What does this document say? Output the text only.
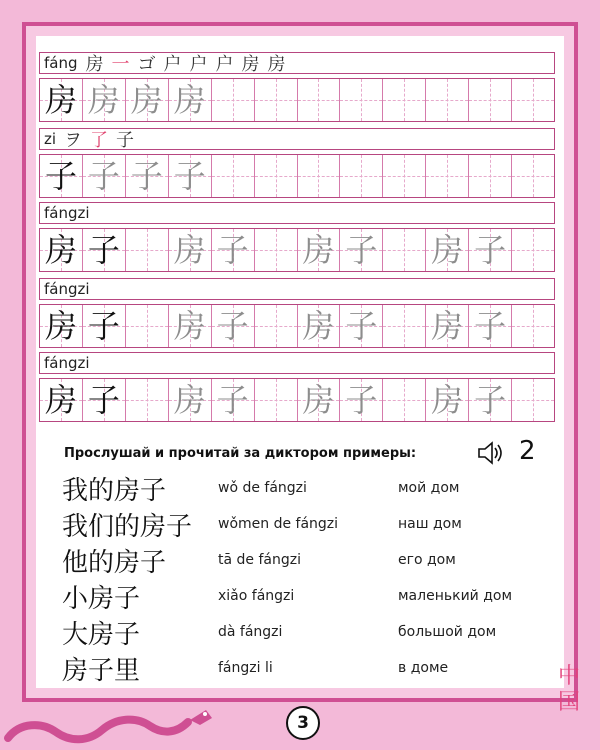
fáng 房 一 ゴ 户 户 户 房 房
房 房 房 房
zi ヲ 了 子
子 子 子 子
fángzi
房 子 房 子 房 子 房 子
fángzi
房 子 房 子 房 子 房 子
fángzi
房 子 房 子 房 子 房 子
Прослушай и прочитай за диктором примеры:	2
我的房子	wǒ de fángzi	мой дом
我们的房子	wǒmen de fángzi	наш дом
他的房子	tā de fángzi	его дом
小房子	xiǎo fángzi	маленький дом
大房子	dà fángzi	большой дом
房子里	fángzi li	в доме
3
中
国
